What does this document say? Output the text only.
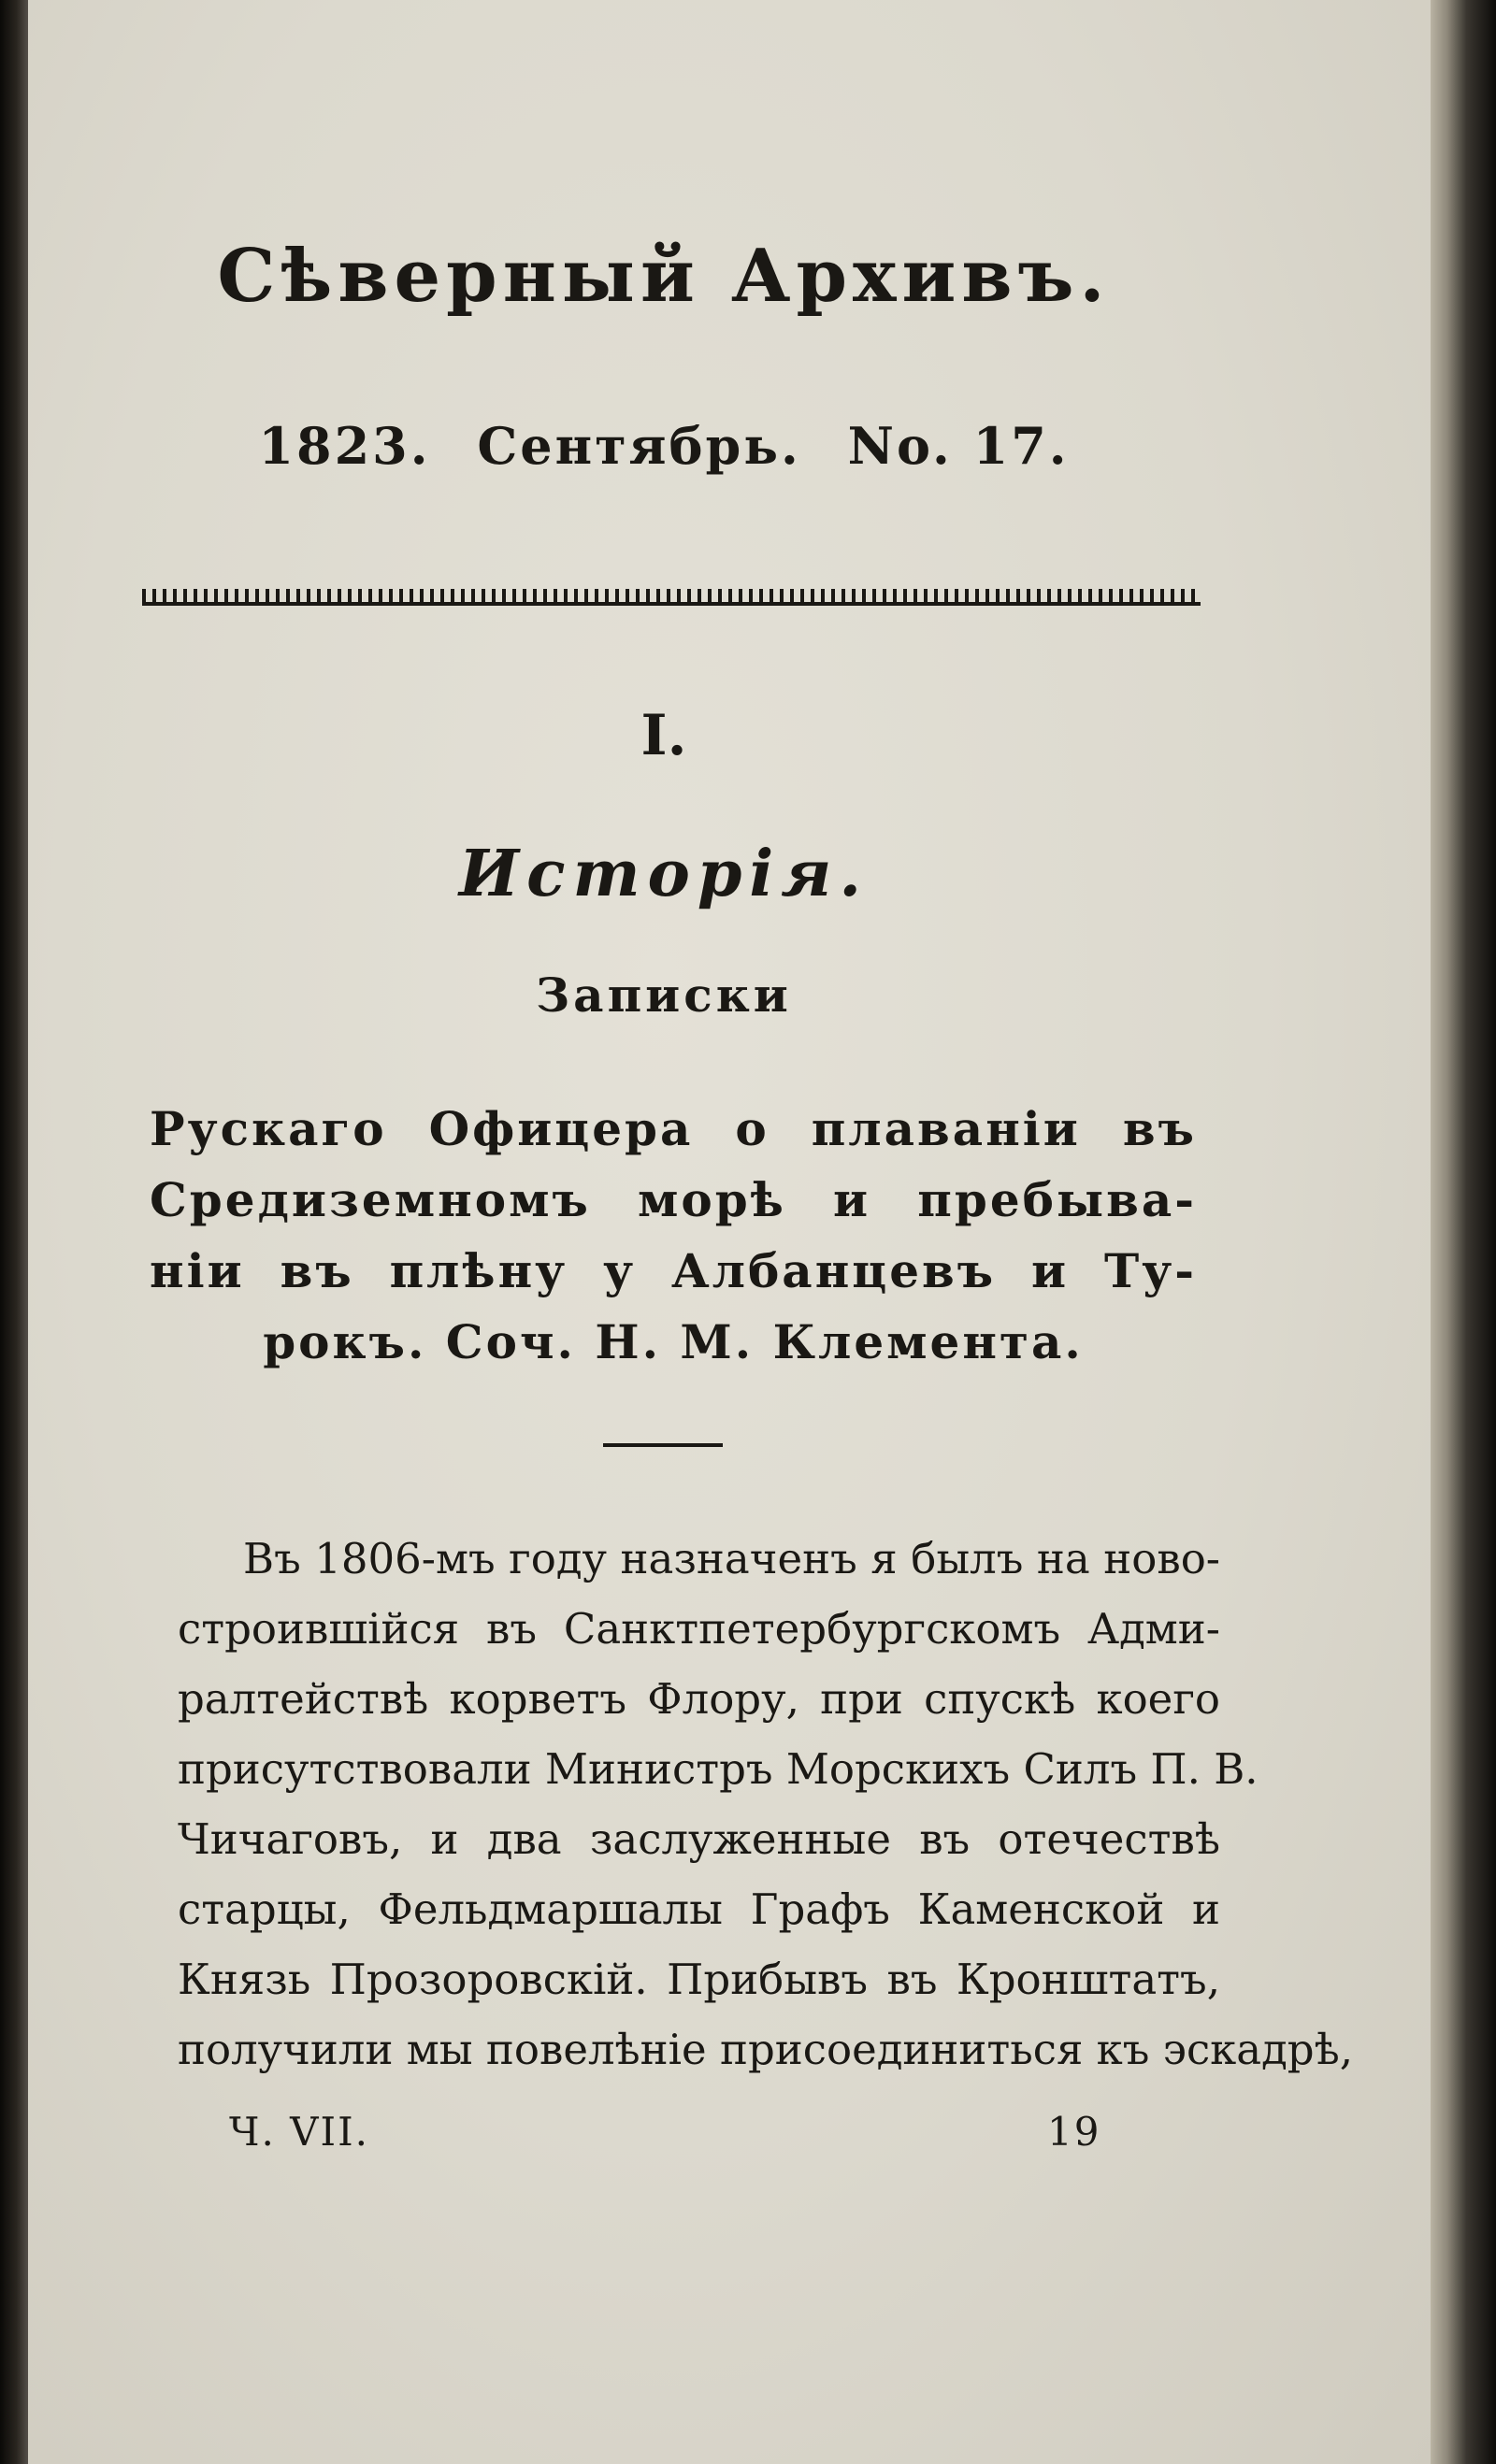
Сѣверный Архивъ.
1823. Сентябрь. No. 17.
I.
Исторія.
Записки
Рускаго Офицера о плаваніи въ
Средиземномъ морѣ и пребыва-
ніи въ плѣну у Албанцевъ и Ту-
рокъ. Соч. Н. М. Клемента.
Въ 1806-мъ году назначенъ я былъ на ново-
строившійся въ Санктпетербургскомъ Адми-
ралтействѣ корветъ Флору, при спускѣ коего
присутствовали Министръ Морскихъ Силъ П. В.
Чичаговъ, и два заслуженные въ отечествѣ
старцы, Фельдмаршалы Графъ Каменской и
Князь Прозоровскій. Прибывъ въ Кронштатъ,
получили мы повелѣніе присоединиться къ эскадрѣ,
Ч. VII.	19
